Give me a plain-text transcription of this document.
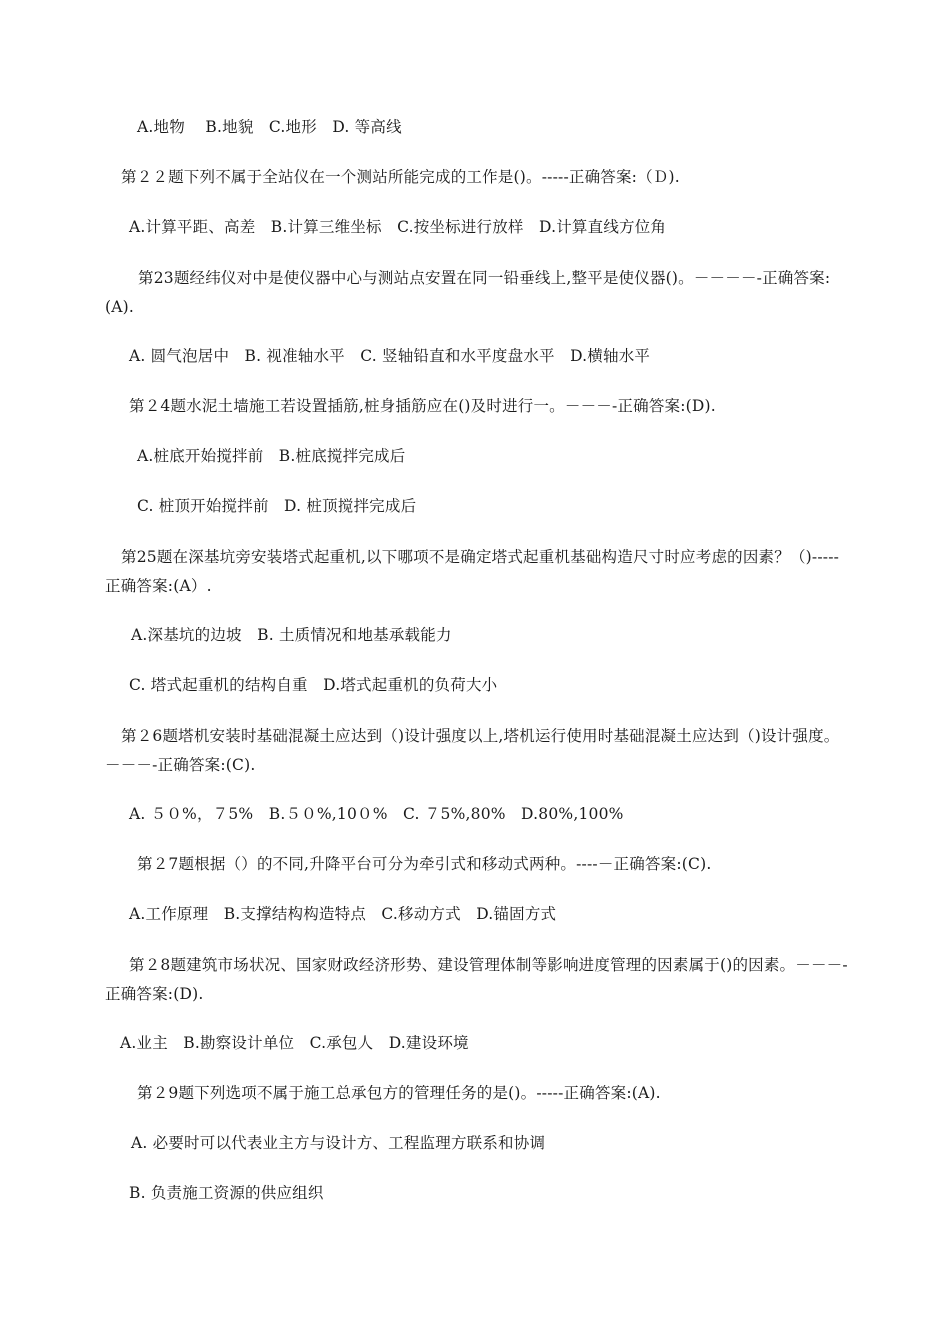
A.地物    B.地貌   C.地形   D. 等高线
第２２题下列不属于全站仪在一个测站所能完成的工作是()。-----正确答案:（Ｄ).
A.计算平距、高差   B.计算三维坐标   C.按坐标进行放样   D.计算直线方位角
第23题经纬仪对中是使仪器中心与测站点安置在同一铅垂线上,整平是使仪器()。－－－－-正确答案:(A).
A. 圆气泡居中   B. 视准轴水平   C. 竖轴铅直和水平度盘水平   D.横轴水平
第２4题水泥土墙施工若设置插筋,桩身插筋应在()及时进行一。－－－-正确答案:(D).
A.桩底开始搅拌前   B.桩底搅拌完成后
C. 桩顶开始搅拌前   D. 桩顶搅拌完成后
第25题在深基坑旁安装塔式起重机,以下哪项不是确定塔式起重机基础构造尺寸时应考虑的因素？（)-----正确答案:(A）.
A.深基坑的边坡   B. 土质情况和地基承载能力
C. 塔式起重机的结构自重   D.塔式起重机的负荷大小
第２6题塔机安装时基础混凝土应达到（)设计强度以上,塔机运行使用时基础混凝土应达到（)设计强度。－－－-正确答案:(C).
A. ５０%，７5%   B.５０%,10０%   C. ７5%,80%   D.80%,100%
第２7题根据（）的不同,升降平台可分为牵引式和移动式两种。----－正确答案:(C).
A.工作原理   B.支撑结构构造特点   C.移动方式   D.锚固方式
第２8题建筑市场状况、国家财政经济形势、建设管理体制等影响进度管理的因素属于()的因素。－－－-正确答案:(D).
A.业主   B.勘察设计单位   C.承包人   D.建设环境
第２9题下列选项不属于施工总承包方的管理任务的是()。-----正确答案:(A).
A. 必要时可以代表业主方与设计方、工程监理方联系和协调
B. 负责施工资源的供应组织
